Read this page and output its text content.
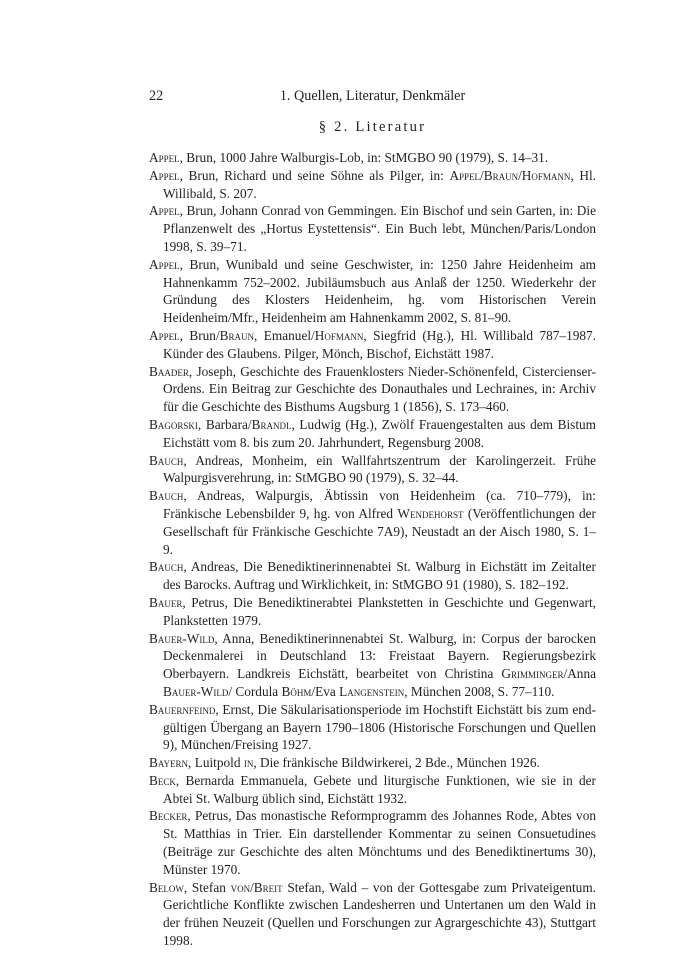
22	1. Quellen, Literatur, Denkmäler
§ 2. Literatur
Appel, Brun, 1000 Jahre Walburgis-Lob, in: StMGBO 90 (1979), S. 14–31.
Appel, Brun, Richard und seine Söhne als Pilger, in: Appel/Braun/Hofmann, Hl. Willibald, S. 207.
Appel, Brun, Johann Conrad von Gemmingen. Ein Bischof und sein Garten, in: Die Pflanzenwelt des „Hortus Eystettensis“. Ein Buch lebt, München/Paris/London 1998, S. 39–71.
Appel, Brun, Wunibald und seine Geschwister, in: 1250 Jahre Heidenheim am Hahnenkamm 752–2002. Jubiläumsbuch aus Anlaß der 1250. Wiederkehr der Gründung des Klosters Heidenheim, hg. vom Historischen Verein Heidenheim/Mfr., Heidenheim am Hahnenkamm 2002, S. 81–90.
Appel, Brun/Braun, Emanuel/Hofmann, Siegfrid (Hg.), Hl. Willibald 787–1987. Künder des Glaubens. Pilger, Mönch, Bischof, Eichstätt 1987.
Baader, Joseph, Geschichte des Frauenklosters Nieder-Schönenfeld, Cistercienser-Ordens. Ein Beitrag zur Geschichte des Donauthales und Lechraines, in: Archiv für die Geschichte des Bisthums Augsburg 1 (1856), S. 173–460.
Bagorski, Barbara/Brandl, Ludwig (Hg.), Zwölf Frauengestalten aus dem Bistum Eichstätt vom 8. bis zum 20. Jahrhundert, Regensburg 2008.
Bauch, Andreas, Monheim, ein Wallfahrtszentrum der Karolingerzeit. Frühe Walpurgisverehrung, in: StMGBO 90 (1979), S. 32–44.
Bauch, Andreas, Walpurgis, Äbtissin von Heidenheim (ca. 710–779), in: Fränkische Lebensbilder 9, hg. von Alfred Wendehorst (Veröffentlichungen der Gesellschaft für Fränkische Geschichte 7A9), Neustadt an der Aisch 1980, S. 1–9.
Bauch, Andreas, Die Benediktinerinnenabtei St. Walburg in Eichstätt im Zeitalter des Barocks. Auftrag und Wirklichkeit, in: StMGBO 91 (1980), S. 182–192.
Bauer, Petrus, Die Benediktinerabtei Plankstetten in Geschichte und Gegenwart, Plankstetten 1979.
Bauer-Wild, Anna, Benediktinerinnenabtei St. Walburg, in: Corpus der barocken Deckenmalerei in Deutschland 13: Freistaat Bayern. Regierungsbezirk Oberbayern. Landkreis Eichstätt, bearbeitet von Christina Grimminger/Anna Bauer-Wild/ Cordula Böhm/Eva Langenstein, München 2008, S. 77–110.
Bauernfeind, Ernst, Die Säkularisationsperiode im Hochstift Eichstätt bis zum endgültigen Übergang an Bayern 1790–1806 (Historische Forschungen und Quellen 9), München/Freising 1927.
Bayern, Luitpold in, Die fränkische Bildwirkerei, 2 Bde., München 1926.
Beck, Bernarda Emmanuela, Gebete und liturgische Funktionen, wie sie in der Abtei St. Walburg üblich sind, Eichstätt 1932.
Becker, Petrus, Das monastische Reformprogramm des Johannes Rode, Abtes von St. Matthias in Trier. Ein darstellender Kommentar zu seinen Consuetudines (Beiträge zur Geschichte des alten Mönchtums und des Benediktinertums 30), Münster 1970.
Below, Stefan von/Breit Stefan, Wald – von der Gottesgabe zum Privateigentum. Gerichtliche Konflikte zwischen Landesherren und Untertanen um den Wald in der frühen Neuzeit (Quellen und Forschungen zur Agrargeschichte 43), Stuttgart 1998.
